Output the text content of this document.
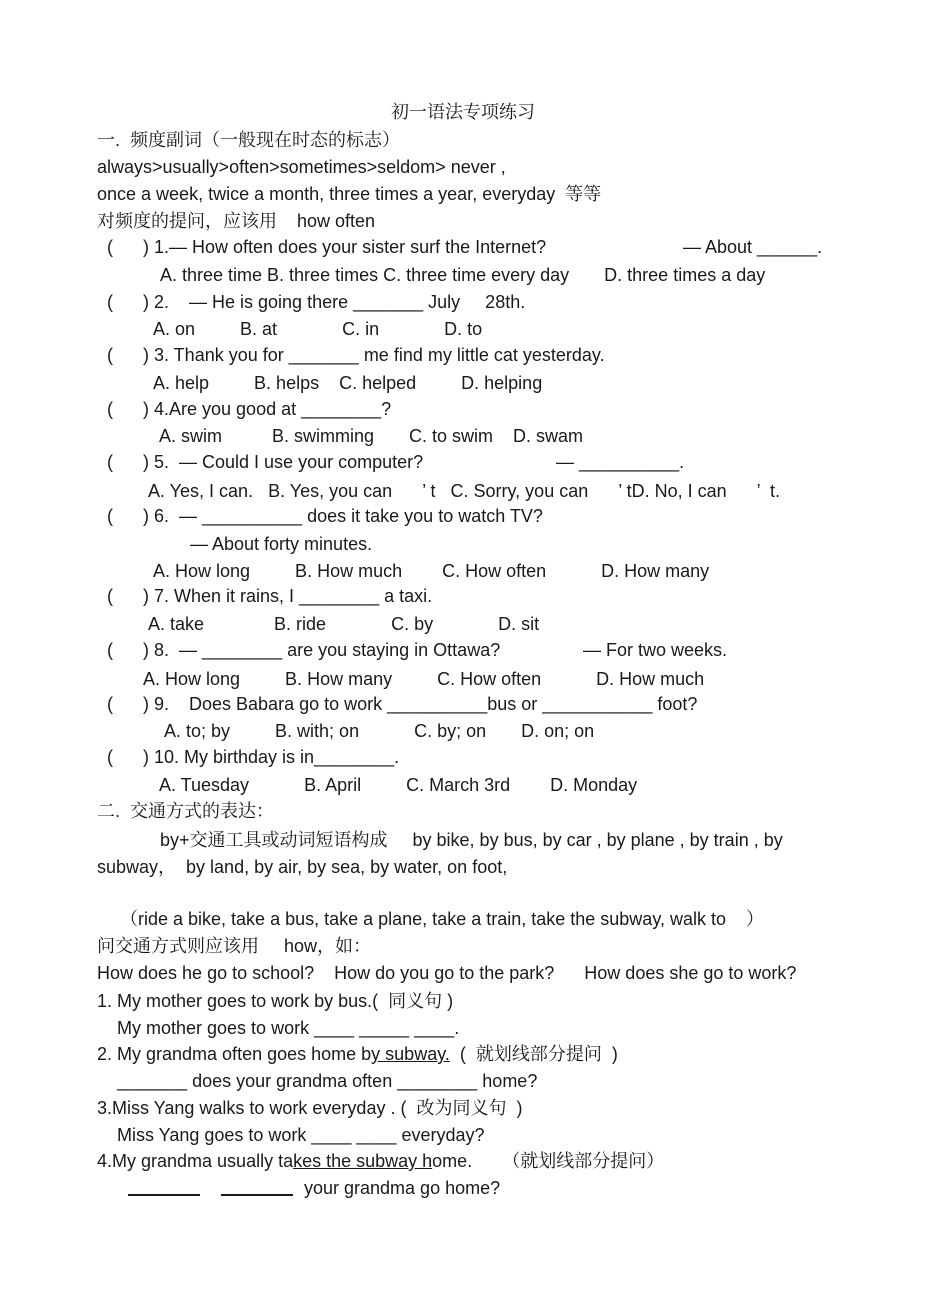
初一语法专项练习
一.  频度副词（一般现在时态的标志）
always>usually>often>sometimes>seldom> never ,
once a week, twice a month, three times a year, everyday  等等
对频度的提问，应该用    how often
(      ) 1.— How often does your sister surf the Internet?	— About ______.
A. three time B. three times C. three time every day       D. three times a day
(      ) 2.    — He is going there _______ July     28th.
A. on         B. at             C. in             D. to
(      ) 3. Thank you for _______ me find my little cat yesterday.
A. help         B. helps    C. helped         D. helping
(      ) 4.Are you good at ________?
A. swim          B. swimming       C. to swim    D. swam
(      ) 5.  — Could I use your computer?	— __________.
A. Yes, I can.   B. Yes, you can      ’ t   C. Sorry, you can      ’ tD. No, I can      ’  t.
(      ) 6.  — __________ does it take you to watch TV?
— About forty minutes.
A. How long         B. How much        C. How often           D. How many
(      ) 7. When it rains, I ________ a taxi.
A. take              B. ride             C. by             D. sit
(      ) 8.  — ________ are you staying in Ottawa?	— For two weeks.
A. How long         B. How many         C. How often           D. How much
(      ) 9.    Does Babara go to work __________bus or ___________ foot?
A. to; by         B. with; on           C. by; on       D. on; on
(      ) 10. My birthday is in________.
A. Tuesday           B. April         C. March 3rd        D. Monday
二.  交通方式的表达：
by+交通工具或动词短语构成     by bike, by bus, by car , by plane , by train , by
subway，  by land, by air, by sea, by water, on foot,
（ride a bike, take a bus, take a plane, take a train, take the subway, walk to    ）
问交通方式则应该用     how，如：
How does he go to school?    How do you go to the park?      How does she go to work?
1. My mother goes to work by bus.(  同义句 )
My mother goes to work ____ _____ ____.
2. My grandma often goes home by subway.  (  就划线部分提问  )
_______ does your grandma often ________ home?
3.Miss Yang walks to work everyday . (  改为同义句  )
Miss Yang goes to work ____ ____ everyday?
4.My grandma usually takes the subway home.      （就划线部分提问）
your grandma go home?
